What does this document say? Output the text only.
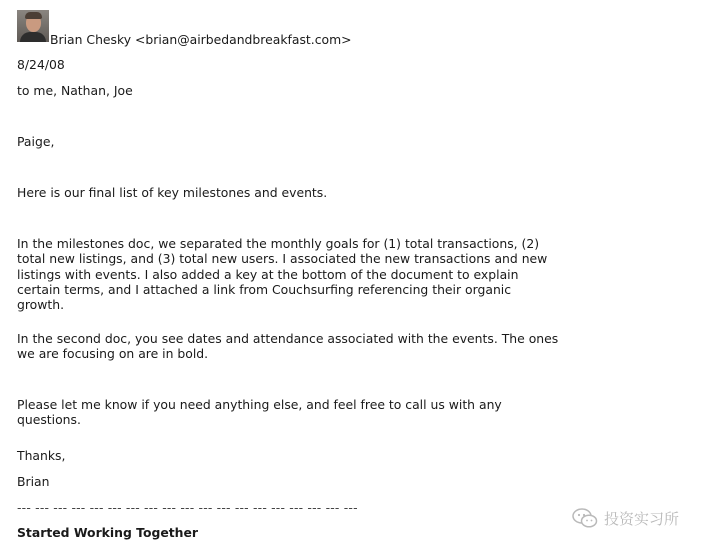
Brian Chesky <brian@airbedandbreakfast.com>
8/24/08
to me, Nathan, Joe
Paige,
Here is our final list of key milestones and events.
In the milestones doc, we separated the monthly goals for (1) total transactions, (2) total new listings, and (3) total new users. I associated the new transactions and new listings with events. I also added a key at the bottom of the document to explain certain terms, and I attached a link from Couchsurfing referencing their organic growth.
In the second doc, you see dates and attendance associated with the events. The ones we are focusing on are in bold.
Please let me know if you need anything else, and feel free to call us with any questions.
Thanks,
Brian
--- --- --- --- --- --- --- --- --- --- --- --- --- --- --- --- --- --- ---
Started Working Together
投资实习所
